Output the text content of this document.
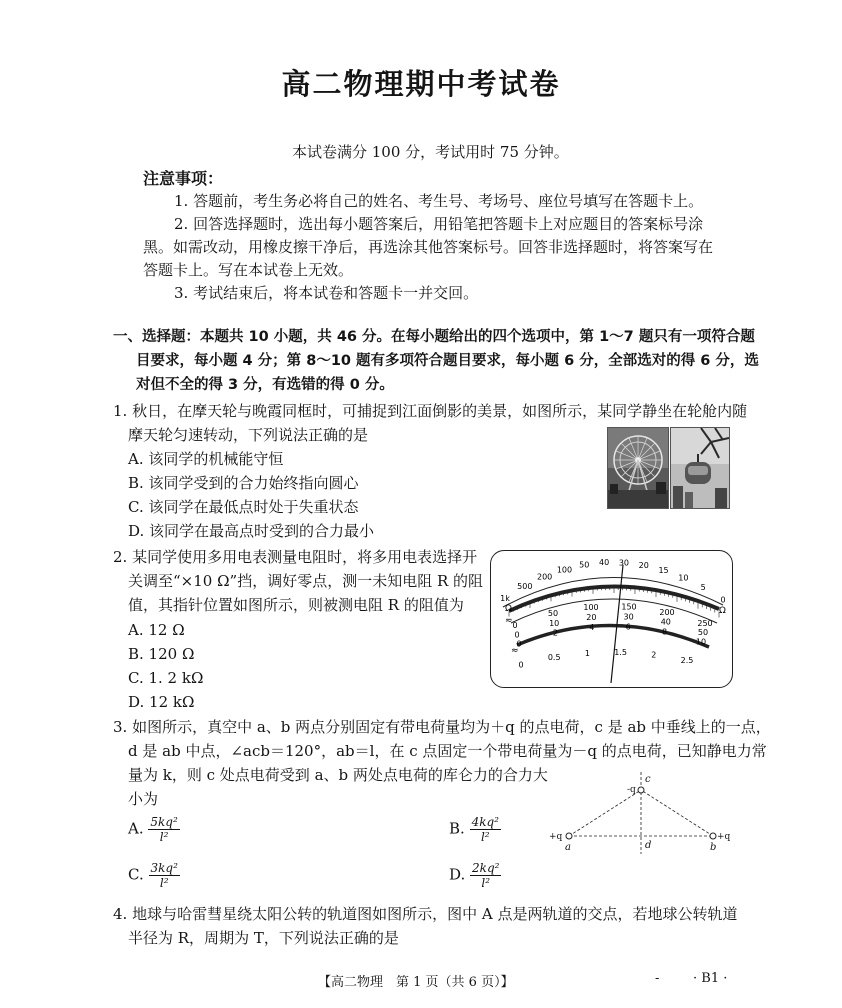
高二物理期中考试卷
本试卷满分 100 分，考试用时 75 分钟。
注意事项：
1. 答题前，考生务必将自己的姓名、考生号、考场号、座位号填写在答题卡上。
2. 回答选择题时，选出每小题答案后，用铅笔把答题卡上对应题目的答案标号涂
黑。如需改动，用橡皮擦干净后，再选涂其他答案标号。回答非选择题时，将答案写在
答题卡上。写在本试卷上无效。
3. 考试结束后，将本试卷和答题卡一并交回。
一、选择题：本题共 10 小题，共 46 分。在每小题给出的四个选项中，第 1～7 题只有一项符合题
目要求，每小题 4 分；第 8～10 题有多项符合题目要求，每小题 6 分，全部选对的得 6 分，选
对但不全的得 3 分，有选错的得 0 分。
1. 秋日，在摩天轮与晚霞同框时，可捕捉到江面倒影的美景，如图所示，某同学静坐在轮舱内随
摩天轮匀速转动，下列说法正确的是
A. 该同学的机械能守恒
B. 该同学受到的合力始终指向圆心
C. 该同学在最低点时处于失重状态
D. 该同学在最高点时受到的合力最小
2. 某同学使用多用电表测量电阻时，将多用电表选择开
关调至“×10 Ω”挡，调好零点，测一未知电阻 R 的阻
值，其指针位置如图所示，则被测电阻 R 的阻值为
A. 12 Ω
B. 120 Ω
C. 1. 2 kΩ
D. 12 kΩ
1k
500
200
100
50 40 30 20
15
10
5
0
0
50
100	150
200
250
0
10
20	30
40
50
0
2
4	6
8
10
0
0.5	1	1.5	2
2.5
Ω
≂
≈
Ω
3. 如图所示，真空中 a、b 两点分别固定有带电荷量均为＋q 的点电荷，c 是 ab 中垂线上的一点，
d 是 ab 中点，∠acb＝120°，ab＝l，在 c 点固定一个带电荷量为－q 的点电荷，已知静电力常
量为 k，则 c 处点电荷受到 a、b 两处点电荷的库仑力的合力大
小为
A. $\frac{\text{5kq²}}{\text{l²}}$	B. $\frac{\text{4kq²}}{\text{l²}}$
C. $\frac{\text{3kq²}}{\text{l²}}$	D. $\frac{\text{2kq²}}{\text{l²}}$
a	b
c
d
+q	+q
-q
4. 地球与哈雷彗星绕太阳公转的轨道图如图所示，图中 A 点是两轨道的交点，若地球公转轨道
半径为 R，周期为 T，下列说法正确的是
【高二物理　第 1 页（共 6 页）】	-	· B1 ·
